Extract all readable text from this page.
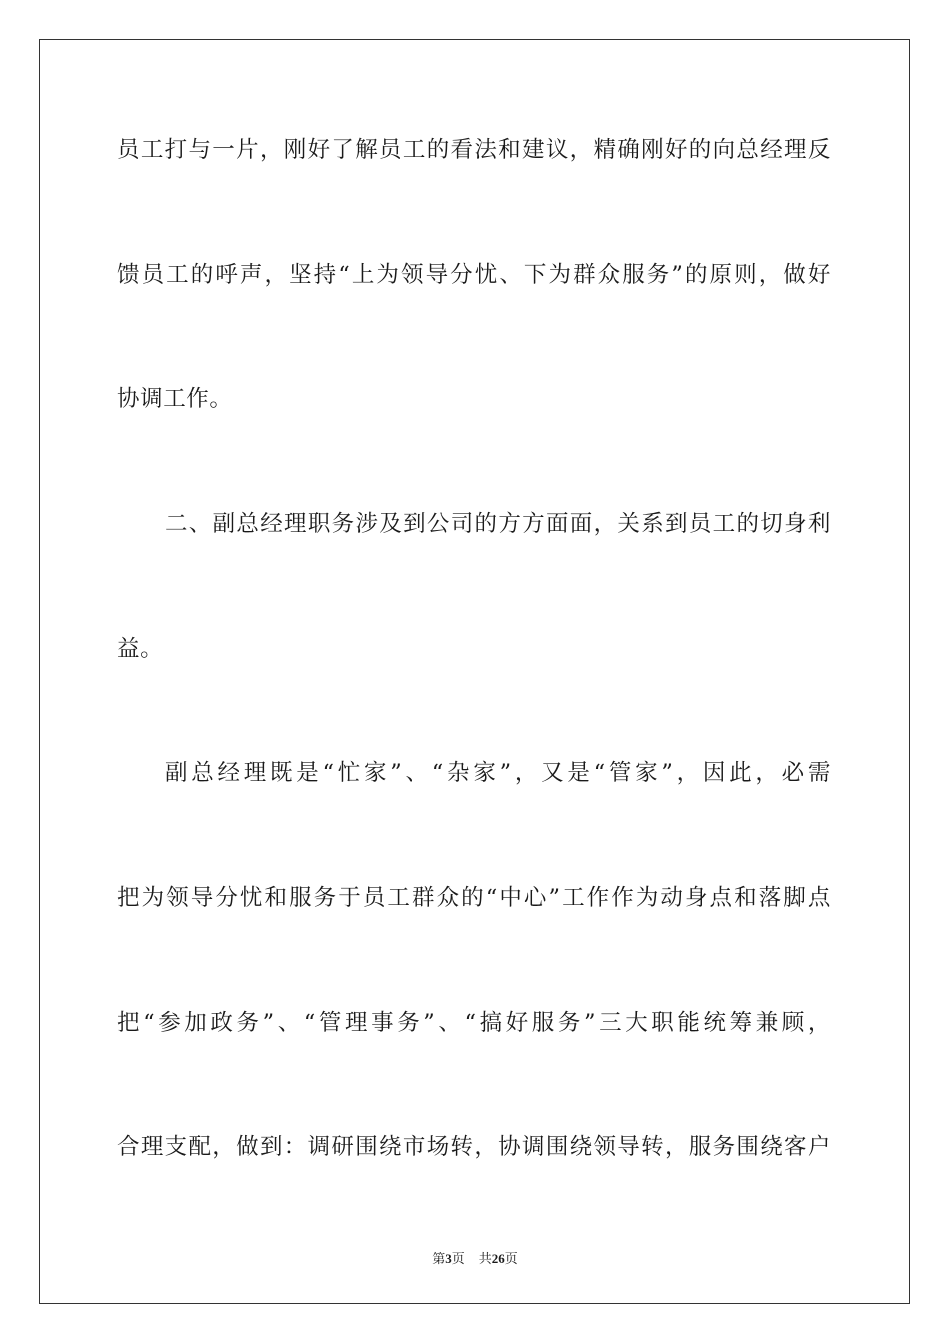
员工打与一片，刚好了解员工的看法和建议，精确刚好的向总经理反
馈员工的呼声，坚持“上为领导分忧、下为群众服务”的原则，做好
协调工作。
二、副总经理职务涉及到公司的方方面面，关系到员工的切身利
益。
副总经理既是“忙家”、“杂家”，又是“管家”，因此，必需
把为领导分忧和服务于员工群众的“中心”工作作为动身点和落脚点
把“参加政务”、“管理事务”、“搞好服务”三大职能统筹兼顾，
合理支配，做到：调研围绕市场转，协调围绕领导转，服务围绕客户
第3页 共26页
